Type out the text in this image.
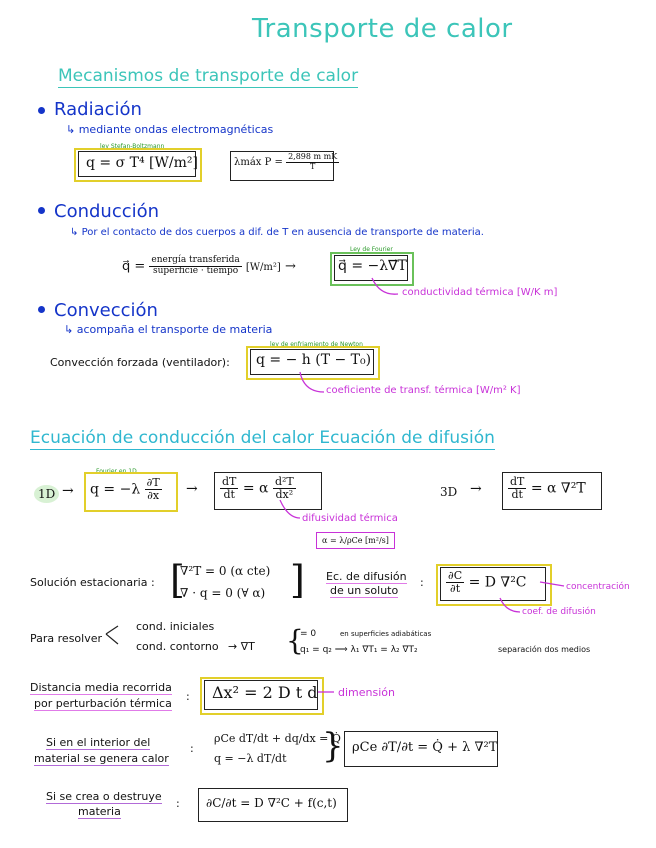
Transporte de calor
Mecanismos de transporte de calor
Radiación
↳ mediante ondas electromagnéticas
ley Stefan-Boltzmann
q = σ T⁴ [W/m²]	λmáx $P = \frac{\text{2,898 m mK}}{T}$
Conducción
↳ Por el contacto de dos cuerpos a dif. de T en ausencia de transporte de materia.
q⃗ = $\frac{\text{energía transferida}}{\text{superficie · tiempo}} [W/m^2]$ →
Ley de Fourier
q⃗ = −λ∇⃗T
conductividad térmica [W/K m]
Convección
↳ acompaña el transporte de materia
Convección forzada (ventilador):
ley de enfriamiento de Newton
q = − h (T − T₀)
coeficiente de transf. térmica [W/m² K]
Ecuación de conducción del calor Ecuación de difusión
1D →
Fourier en 1D
$q = -\lambda \frac{\partial T}{\partial x} \to \frac{dT}{dt} = \alpha \frac{\text{d²T}}{\text{dx²}}$	$3D \to \frac{dT}{dt} = \alpha$ ∇²T
difusividad térmica
α = λ/ρCe [m²/s]
Solución estacionaria : [
∇²T = 0 (α cte)
∇ · q = 0 (∀ α) ] Ec. de difusión
de un soluto
: $\frac{\partial C}{\partial t} = D$ ∇²C	concentración
coef. de difusión
Para resolver
cond. iniciales
cond. contorno → ∇T {
= 0	en superficies adiabáticas
q₁ = q₂ ⟹ λ₁ ∇T₁ = λ₂ ∇T₂	separación dos medios
Distancia media recorrida
por perturbación térmica
: Δx² = 2 D t d dimensión
Si en el interior del
material se genera calor
:
ρCe dT/dt + dq/dx = Q̇
q = −λ dT/dt } ρCe ∂T/∂t = Q̇ + λ ∇²T
Si se crea o destruye
materia
: ∂C/∂t = D ∇²C + f(c,t)
